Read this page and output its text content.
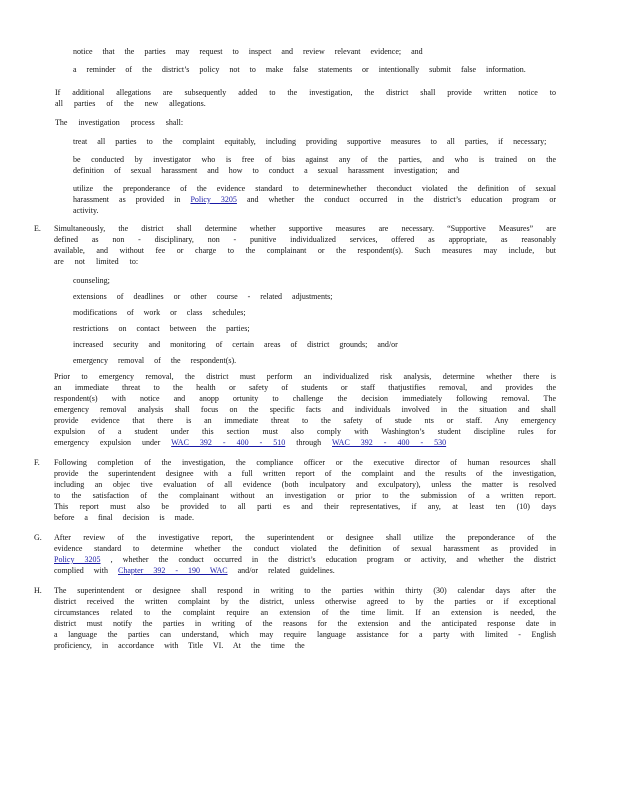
notice that the parties may request to inspect and review relevant evidence; and
a reminder of the district’s policy not to make false statements or intentionally submit false information.
If additional allegations are subsequently added to the investigation, the district shall provide written notice to all parties of the new allegations.
The investigation process shall:
treat all parties to the complaint equitably, including providing supportive measures to all parties, if necessary;
be conducted by investigator who is free of bias against any of the parties, and who is trained on the definition of sexual harassment and how to conduct a sexual harassment investigation; and
utilize the preponderance of the evidence standard to determinewhether theconduct violated the definition of sexual harassment as provided in Policy 3205 and whether the conduct occurred in the district’s education program or activity.
E.	Simultaneously, the district shall determine whether supportive measures are necessary. “Supportive Measures” are defined as non - disciplinary, non - punitive individualized services, offered as appropriate, as reasonably available, and without fee or charge to the complainant or the respondent(s). Such measures may include, but are not limited to:
counseling;
extensions of deadlines or other course - related adjustments;
modifications of work or class schedules;
restrictions on contact between the parties;
increased security and monitoring of certain areas of district grounds; and/or
emergency removal of the respondent(s).
Prior to emergency removal, the district must perform an individualized risk analysis, determine whether there is an immediate threat to the health or safety of students or staff thatjustifies removal, and provides the respondent(s) with notice and anopp ortunity to challenge the decision immediately following removal. The emergency removal analysis shall focus on the specific facts and individuals involved in the situation and shall provide evidence that there is an immediate threat to the safety of stude nts or staff. Any emergency expulsion of a student under this section must also comply with Washington’s student discipline rules for emergency expulsion under WAC 392 - 400 - 510 through WAC 392 - 400 - 530
F.	Following completion of the investigation, the compliance officer or the executive director of human resources shall provide the superintendent designee with a full written report of the complaint and the results of the investigation, including an objec tive evaluation of all evidence (both inculpatory and exculpatory), unless the matter is resolved to the satisfaction of the complainant without an investigation or prior to the submission of a written report. This report must also be provided to all parti es and their representatives, if any, at least ten (10) days before a final decision is made.
G.	After review of the investigative report, the superintendent or designee shall utilize the preponderance of the evidence standard to determine whether the conduct violated the definition of sexual harassment as provided in Policy 3205 , whether the conduct occurred in the district’s education program or activity, and whether the district complied with Chapter 392 - 190 WAC and/or related guidelines.
H.	The superintendent or designee shall respond in writing to the parties within thirty (30) calendar days after the district received the written complaint by the district, unless otherwise agreed to by the parties or if exceptional circumstances related to the complaint require an extension of the time limit. If an extension is needed, the district must notify the parties in writing of the reasons for the extension and the anticipated response date in a language the parties can understand, which may require language assistance for a party with limited - English proficiency, in accordance with Title VI. At the time the
